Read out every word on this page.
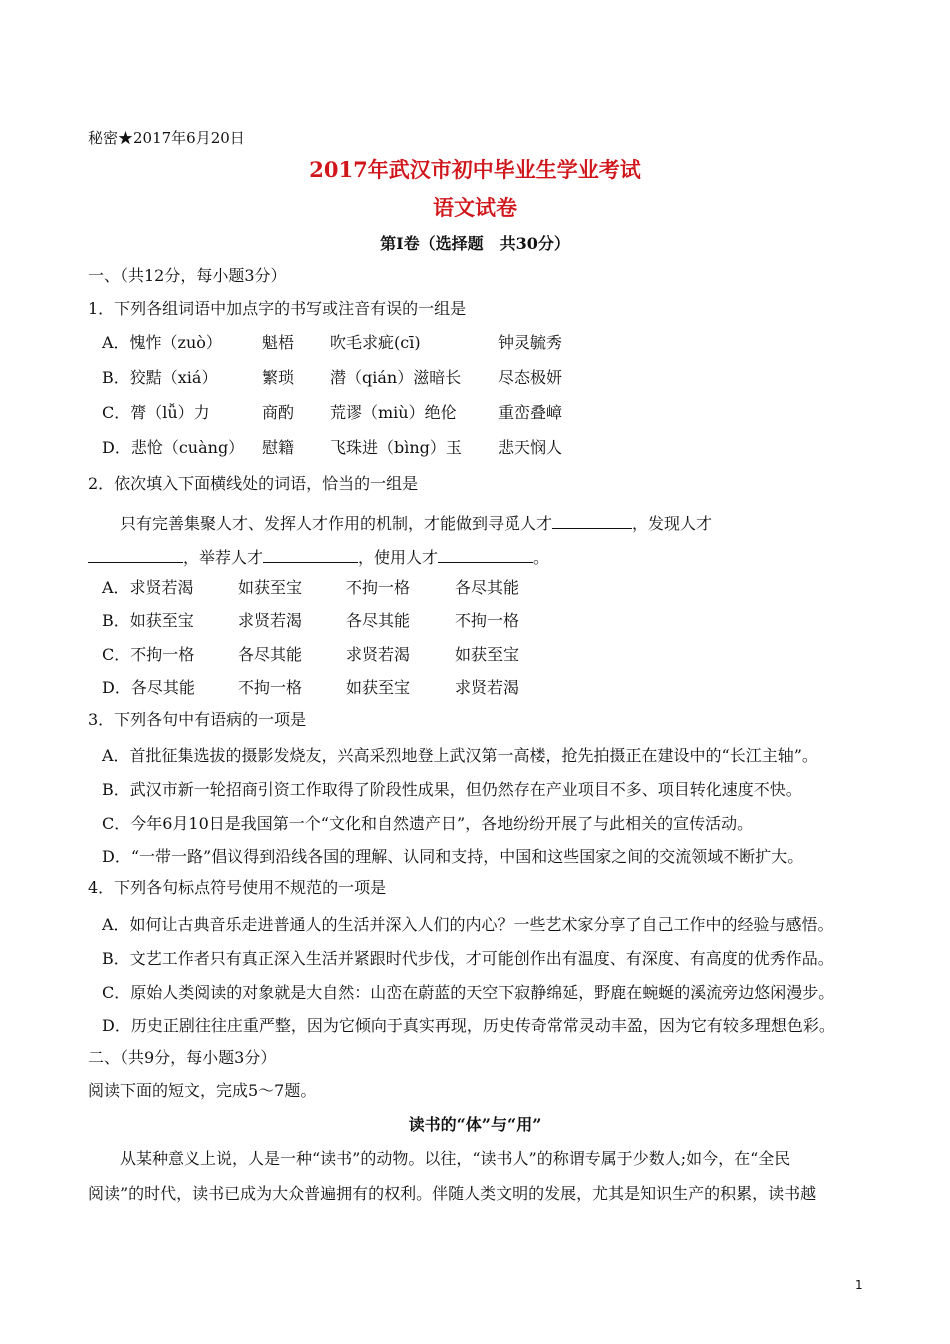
秘密★2017年6月20日
2017年武汉市初中毕业生学业考试
语文试卷
第Ⅰ卷（选择题　共30分）
一、（共12分，每小题3分）
1．下列各组词语中加点字的书写或注音有误的一组是
A．愧怍（zuò）	魁梧 吹毛求疵(cī)	钟灵毓秀
B．狡黠（xiá）	繁琐 潜（qián）滋暗长 尽态极妍
C．膂（lǚ）力	商酌 荒谬（miù）绝伦	重峦叠嶂
D．悲怆（cuàng） 慰籍 飞珠进（bìng）玉 悲天悯人
2．依次填入下面横线处的词语，恰当的一组是
只有完善集聚人才、发挥人才作用的机制，才能做到寻觅人才	，发现人才
，举荐人才	，使用人才	。
A．求贤若渴	如获至宝	不拘一格	各尽其能
B．如获至宝	求贤若渴	各尽其能	不拘一格
C．不拘一格	各尽其能	求贤若渴	如获至宝
D．各尽其能	不拘一格	如获至宝	求贤若渴
3．下列各句中有语病的一项是
A．首批征集选拔的摄影发烧友，兴高采烈地登上武汉第一高楼，抢先拍摄正在建设中的“长江主轴”。
B．武汉市新一轮招商引资工作取得了阶段性成果，但仍然存在产业项目不多、项目转化速度不快。
C．今年6月10日是我国第一个“文化和自然遗产日”，各地纷纷开展了与此相关的宣传活动。
D．“一带一路”倡议得到沿线各国的理解、认同和支持，中国和这些国家之间的交流领域不断扩大。
4．下列各句标点符号使用不规范的一项是
A．如何让古典音乐走进普通人的生活并深入人们的内心？一些艺术家分享了自己工作中的经验与感悟。
B．文艺工作者只有真正深入生活并紧跟时代步伐，才可能创作出有温度、有深度、有高度的优秀作品。
C．原始人类阅读的对象就是大自然：山峦在蔚蓝的天空下寂静绵延，野鹿在蜿蜒的溪流旁边悠闲漫步。
D．历史正剧往往庄重严整，因为它倾向于真实再现，历史传奇常常灵动丰盈，因为它有较多理想色彩。
二、（共9分，每小题3分）
阅读下面的短文，完成5～7题。
读书的“体”与“用”
从某种意义上说，人是一种“读书”的动物。以往，“读书人”的称谓专属于少数人;如今，在“全民
阅读”的时代，读书已成为大众普遍拥有的权利。伴随人类文明的发展，尤其是知识生产的积累，读书越
1
